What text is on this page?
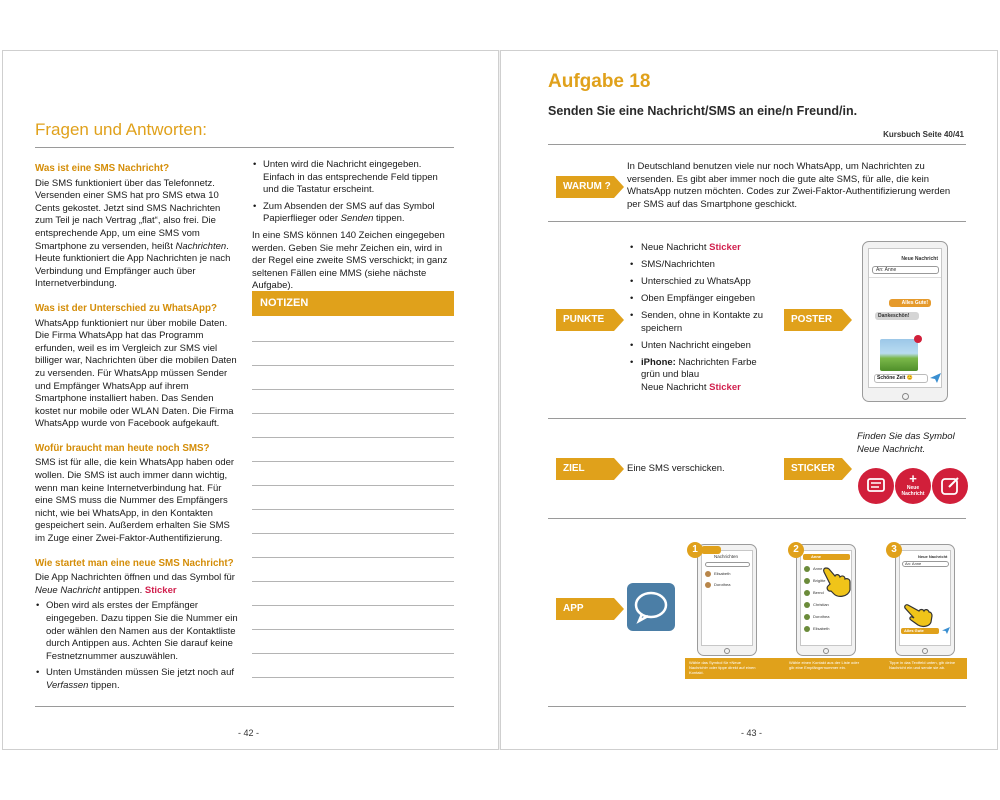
Fragen und Antworten:
Was ist eine SMS Nachricht?

Die SMS funktioniert über das Telefonnetz. Versenden einer SMS hat pro SMS etwa 10 Cents gekostet. Jetzt sind SMS Nachrichten zum Teil je nach Vertrag „flat“, also frei. Die entsprechende App, um eine SMS vom Smartphone zu versenden, heißt Nachrichten. Heute funktioniert die App Nachrichten je nach Verbindung und Empfänger auch über Internetverbindung.

Was ist der Unterschied zu WhatsApp?

WhatsApp funktioniert nur über mobile Daten. Die Firma WhatsApp hat das Programm erfunden, weil es im Vergleich zur SMS viel billiger war, Nachrichten über die mobilen Daten zu versenden. Für WhatsApp müssen Sender und Empfänger WhatsApp auf ihrem Smartphone installiert haben. Das Senden kostet nur mobile oder WLAN Daten. Die Firma WhatsApp wurde von Facebook aufgekauft.

Wofür braucht man heute noch SMS?

SMS ist für alle, die kein WhatsApp haben oder wollen. Die SMS ist auch immer dann wichtig, wenn man keine Internetverbindung hat. Für eine SMS muss die Nummer des Empfängers nicht, wie bei WhatsApp, in den Kontakten gespeichert sein. Außerdem erhalten Sie SMS im Zuge einer Zwei-Faktor-Authentifizierung.

Wie startet man eine neue SMS Nachricht?

Die App Nachrichten öffnen und das Symbol für Neue Nachricht antippen. Sticker

• Oben wird als erstes der Empfänger eingegeben. Dazu tippen Sie die Nummer ein oder wählen den Namen aus der Kontaktliste durch Antippen aus. Achten Sie darauf keine Festnetznummer auszuwählen.
• Unten Umständen müssen Sie jetzt noch auf Verfassen tippen.
• Unten wird die Nachricht eingegeben. Einfach in das entsprechende Feld tippen und die Tastatur erscheint.
• Zum Absenden der SMS auf das Symbol Papierflieger oder Senden tippen.

In eine SMS können 140 Zeichen eingegeben werden. Geben Sie mehr Zeichen ein, wird in der Regel eine zweite SMS verschickt; in ganz seltenen Fällen eine MMS (siehe nächste Aufgabe).

NOTIZEN
- 42 -
Aufgabe 18
Senden Sie eine Nachricht/SMS an eine/n Freund/in.
Kursbuch Seite 40/41
WARUM ?
In Deutschland benutzen viele nur noch WhatsApp, um Nachrichten zu versenden. Es gibt aber immer noch die gute alte SMS, für alle, die kein WhatsApp nutzen möchten. Codes zur Zwei-Faktor-Authentifizierung werden per SMS auf das Smartphone geschickt.
PUNKTE
• Neue Nachricht Sticker
• SMS/Nachrichten
• Unterschied zu WhatsApp
• Oben Empfänger eingeben
• Senden, ohne in Kontakte zu speichern
• Unten Nachricht eingeben
• iPhone: Nachrichten Farbe grün und blau
Neue Nachricht Sticker
POSTER
Neue Nachricht
An: Anne
Alles Gute!
Dankeschön!
Schöne Zeit 😊
ZIEL	Eine SMS verschicken.	STICKER
Finden Sie das Symbol
Neue Nachricht.
+
Neue
Nachricht
APP
Nachrichten
Elisabeth
Dorothea
1
Wähle das Symbol für «Neue Nachricht» oder tippe direkt auf einen Kontakt.
Anne
Anne
Brigitte
Bernd
Christian
Dorothea
Elisabeth
2
Wähle einen Kontakt aus der Liste oder gib eine Empfängernummer ein.
Neue Nachricht
An: Anne
Alles Gute
3
Tippe in das Textfeld unten, gib deine Nachricht ein und sende sie ab.
- 43 -
